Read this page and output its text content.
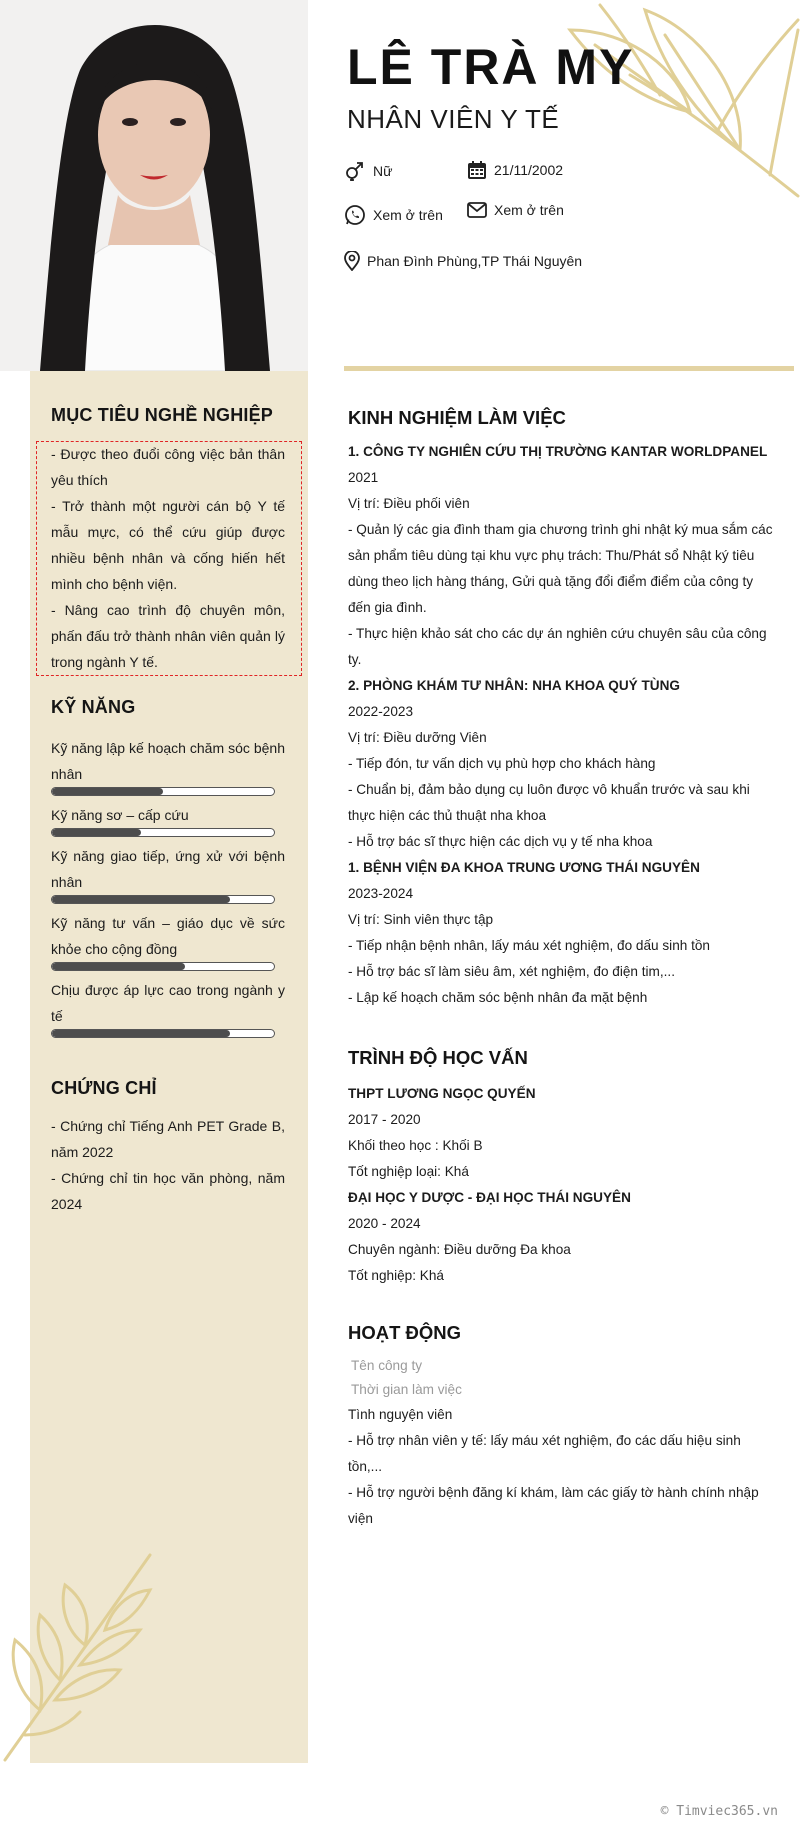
MỤC TIÊU NGHỀ NGHIỆP
- Được theo đuổi công việc bản thân yêu thích
- Trở thành một người cán bộ Y tế mẫu mực, có thể cứu giúp được nhiều bệnh nhân và cống hiến hết mình cho bệnh viện.
- Nâng cao trình độ chuyên môn, phấn đấu trở thành nhân viên quản lý trong ngành Y tế.
KỸ NĂNG
Kỹ năng lập kế hoạch chăm sóc bệnh nhân
Kỹ năng sơ – cấp cứu
Kỹ năng giao tiếp, ứng xử với bệnh nhân
Kỹ năng tư vấn – giáo dục về sức khỏe cho cộng đồng
Chịu được áp lực cao trong ngành y tế
CHỨNG CHỈ
- Chứng chỉ Tiếng Anh PET Grade B, năm 2022
- Chứng chỉ tin học văn phòng, năm 2024
LÊ TRÀ MY
NHÂN VIÊN Y TẾ
Nữ	21/11/2002
Xem ở trên	Xem ở trên
Phan Đình Phùng,TP Thái Nguyên
KINH NGHIỆM LÀM VIỆC
1. CÔNG TY NGHIÊN CỨU THỊ TRƯỜNG KANTAR WORLDPANEL
2021
Vị trí: Điều phối viên
- Quản lý các gia đình tham gia chương trình ghi nhật ký mua sắm các sản phẩm tiêu dùng tại khu vực phụ trách: Thu/Phát sổ Nhật ký tiêu dùng theo lịch hàng tháng, Gửi quà tặng đổi điểm điểm của công ty đến gia đình.
- Thực hiện khảo sát cho các dự án nghiên cứu chuyên sâu của công ty.
2. PHÒNG KHÁM TƯ NHÂN: NHA KHOA QUÝ TÙNG
2022-2023
Vị trí: Điều dưỡng Viên
- Tiếp đón, tư vấn dịch vụ phù hợp cho khách hàng
- Chuẩn bị, đảm bảo dụng cụ luôn được vô khuẩn trước và sau khi thực hiện các thủ thuật nha khoa
- Hỗ trợ bác sĩ thực hiện các dịch vụ y tế nha khoa
1. BỆNH VIỆN ĐA KHOA TRUNG ƯƠNG THÁI NGUYÊN
2023-2024
Vị trí: Sinh viên thực tập
- Tiếp nhận bệnh nhân, lấy máu xét nghiệm, đo dấu sinh tồn
- Hỗ trợ bác sĩ làm siêu âm, xét nghiệm, đo điện tim,...
- Lập kế hoạch chăm sóc bệnh nhân đa mặt bệnh
TRÌNH ĐỘ HỌC VẤN
THPT LƯƠNG NGỌC QUYẾN
2017 - 2020
Khối theo học : Khối B
Tốt nghiệp loại: Khá
ĐẠI HỌC Y DƯỢC - ĐẠI HỌC THÁI NGUYÊN
2020 - 2024
Chuyên ngành: Điều dưỡng Đa khoa
Tốt nghiệp: Khá
HOẠT ĐỘNG
Tên công ty
Thời gian làm việc
Tình nguyện viên
- Hỗ trợ nhân viên y tế: lấy máu xét nghiệm, đo các dấu hiệu sinh tồn,...
- Hỗ trợ người bệnh đăng kí khám, làm các giấy tờ hành chính nhập viện
© Timviec365.vn
